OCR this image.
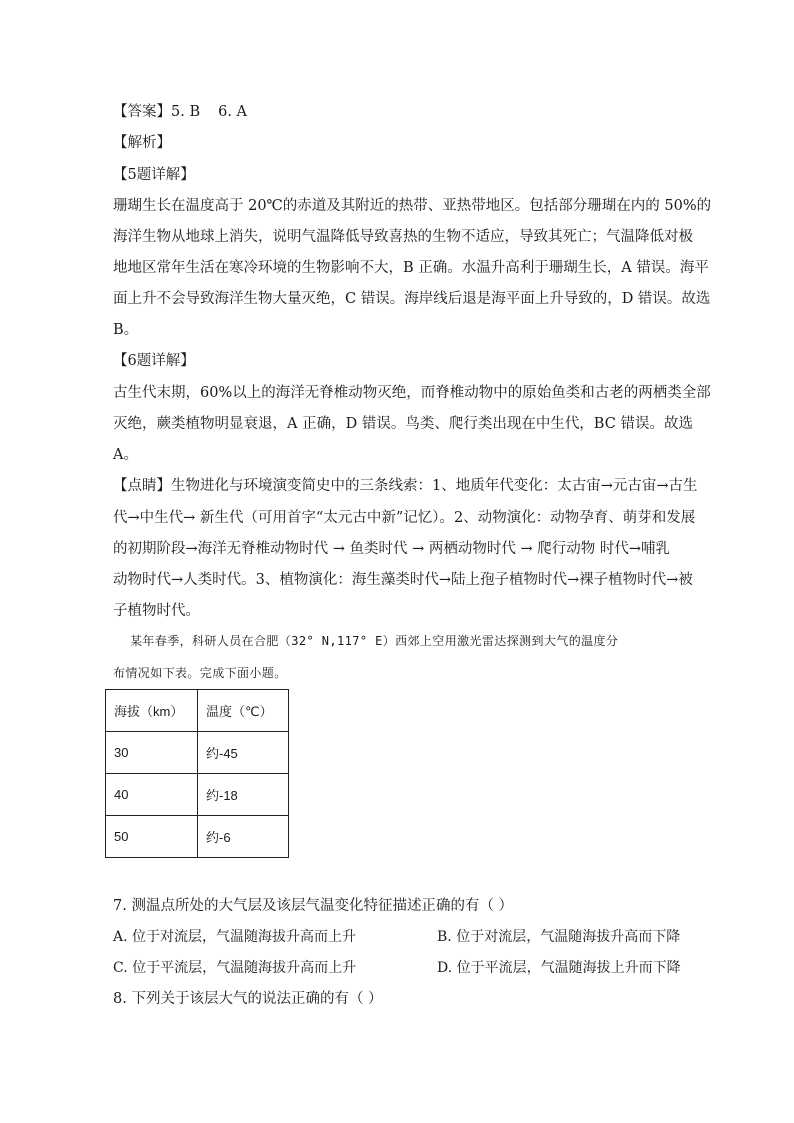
【答案】5. B 6. A
【解析】
【5题详解】
珊瑚生长在温度高于 20℃的赤道及其附近的热带、亚热带地区。包括部分珊瑚在内的 50%的
海洋生物从地球上消失，说明气温降低导致喜热的生物不适应，导致其死亡；气温降低对极
地地区常年生活在寒冷环境的生物影响不大，B 正确。水温升高利于珊瑚生长，A 错误。海平
面上升不会导致海洋生物大量灭绝，C 错误。海岸线后退是海平面上升导致的，D 错误。故选
B。
【6题详解】
古生代末期，60%以上的海洋无脊椎动物灭绝，而脊椎动物中的原始鱼类和古老的两栖类全部
灭绝，蕨类植物明显衰退，A 正确，D 错误。鸟类、爬行类出现在中生代，BC 错误。故选
A。
【点睛】生物进化与环境演变简史中的三条线索：1、地质年代变化：太古宙→元古宙→古生
代→中生代→ 新生代（可用首字“太元古中新”记忆）。2、动物演化：动物孕育、萌芽和发展
的初期阶段→海洋无脊椎动物时代 → 鱼类时代 → 两栖动物时代 → 爬行动物 时代→哺乳
动物时代→人类时代。3、植物演化：海生藻类时代→陆上孢子植物时代→裸子植物时代→被
子植物时代。
某年春季，科研人员在合肥（32° N,117° E）西郊上空用激光雷达探测到大气的温度分
布情况如下表。完成下面小题。
海拔（km）	温度（℃）
30	约-45
40	约-18
50	约-6
7. 测温点所处的大气层及该层气温变化特征描述正确的有（ ）
A. 位于对流层，气温随海拔升高而上升	B. 位于对流层，气温随海拔升高而下降
C. 位于平流层，气温随海拔升高而上升	D. 位于平流层，气温随海拔上升而下降
8. 下列关于该层大气的说法正确的有（ ）
